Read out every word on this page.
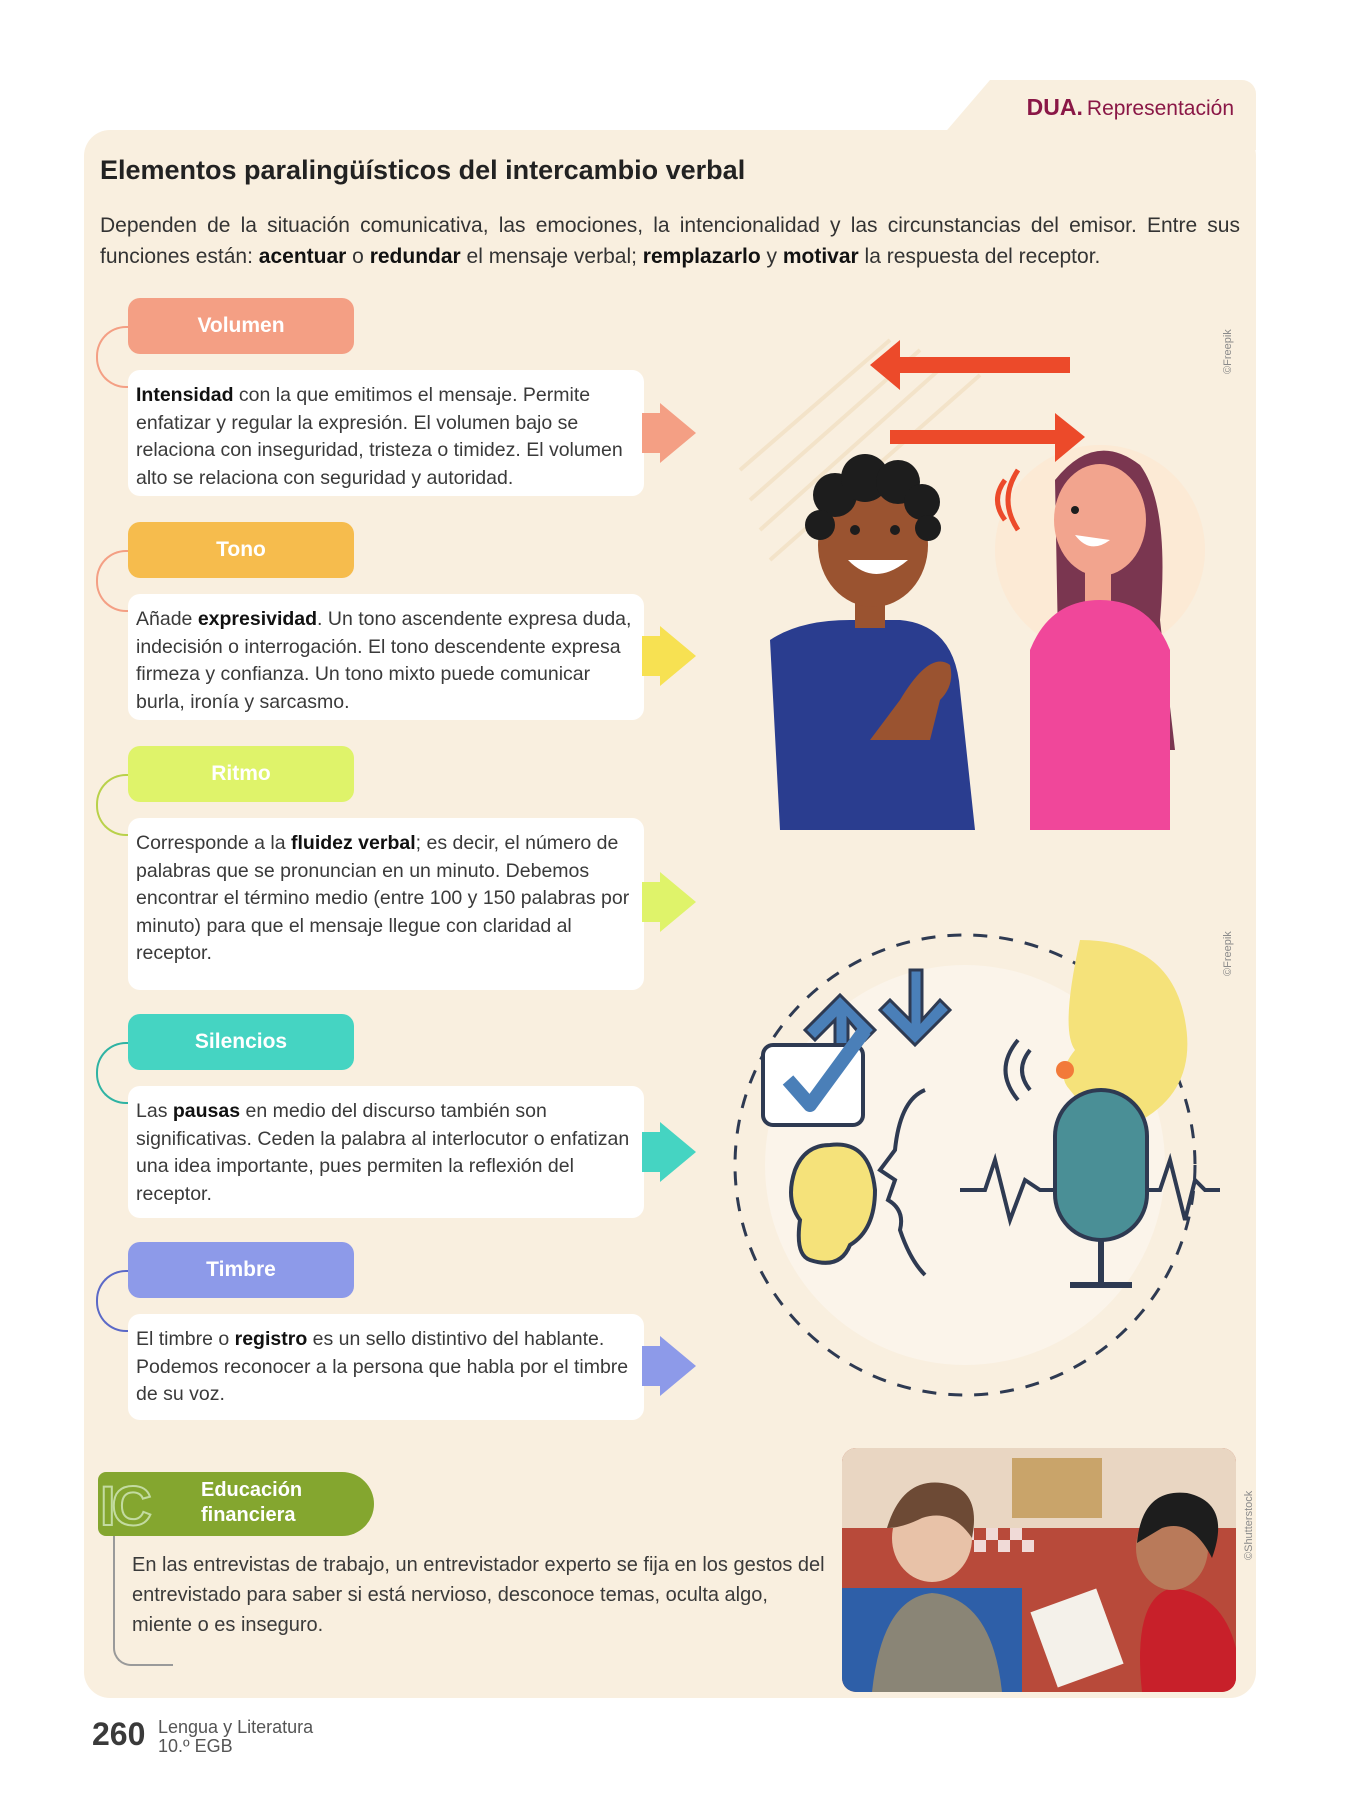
DUA. Representación
Elementos paralingüísticos del intercambio verbal

Dependen de la situación comunicativa, las emociones, la intencionalidad y las circunstancias del emisor. Entre sus funciones están: acentuar o redundar el mensaje verbal; remplazarlo y motivar la respuesta del receptor.

Volumen
Intensidad con la que emitimos el mensaje. Permite enfatizar y regular la expresión. El volumen bajo se relaciona con inseguridad, tristeza o timidez. El volumen alto se relaciona con seguridad y autoridad.
Tono
Añade expresividad. Un tono ascendente expresa duda, indecisión o interrogación. El tono descendente expresa firmeza y confianza. Un tono mixto puede comunicar burla, ironía y sarcasmo.
Ritmo
Corresponde a la fluidez verbal; es decir, el número de palabras que se pronuncian en un minuto. Debemos encontrar el término medio (entre 100 y 150 palabras por minuto) para que el mensaje llegue con claridad al receptor.
Silencios
Las pausas en medio del discurso también son significativas. Ceden la palabra al interlocutor o enfatizan una idea importante, pues permiten la reflexión del receptor.
Timbre
El timbre o registro es un sello distintivo del hablante. Podemos reconocer a la persona que habla por el timbre de su voz.
©Freepik
©Freepik
©Shutterstock
IC	Educación
financiera

En las entrevistas de trabajo, un entrevistador experto se fija en los gestos del entrevistado para saber si está nervioso, desconoce temas, oculta algo, miente o es inseguro.

260 Lengua y Literatura
10.º EGB
